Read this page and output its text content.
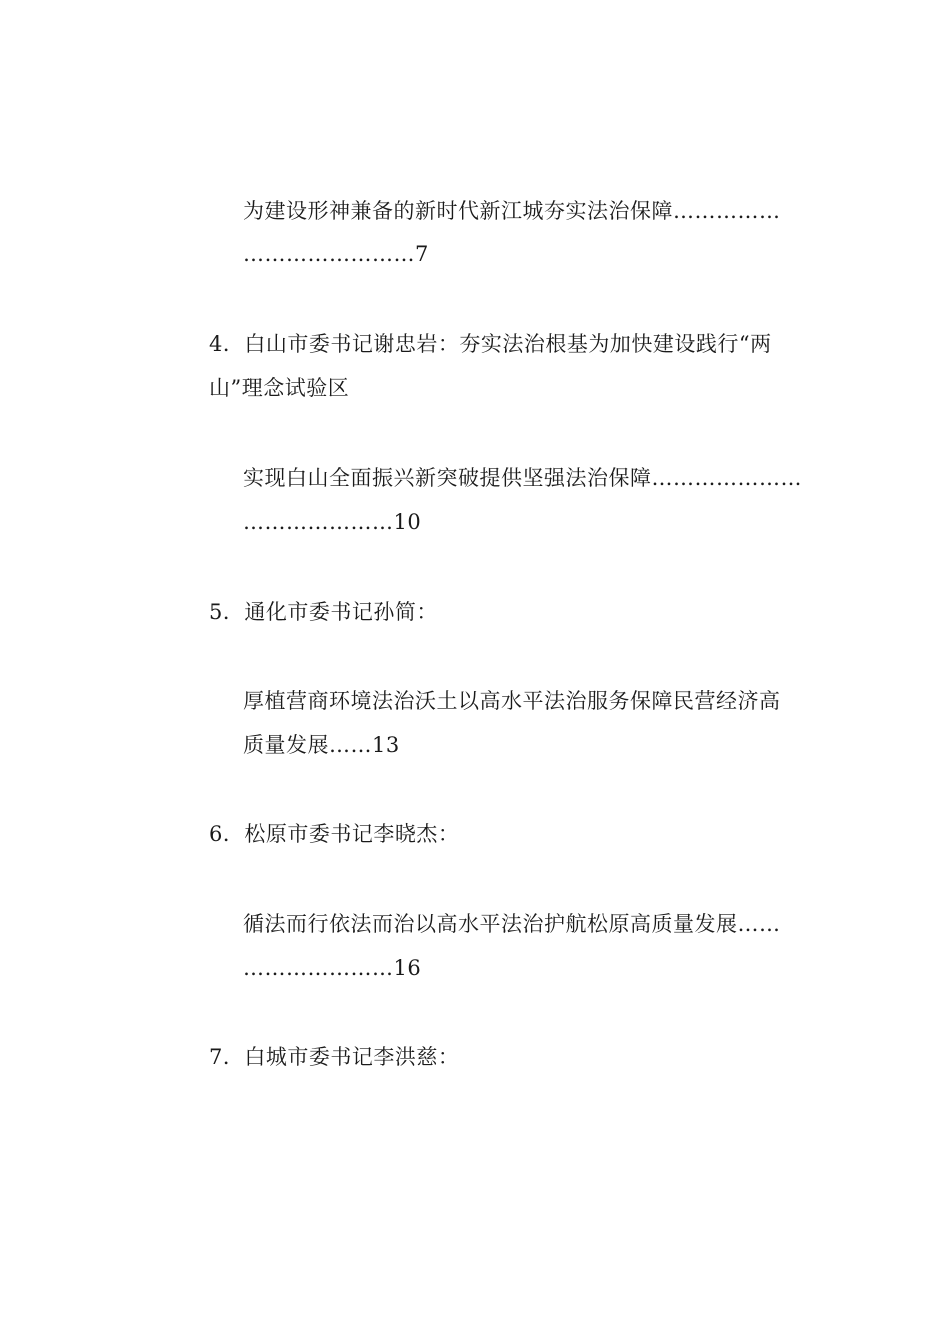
为建设形神兼备的新时代新江城夯实法治保障……………
……………………7
4．白山市委书记谢忠岩：夯实法治根基为加快建设践行“两
山”理念试验区
实现白山全面振兴新突破提供坚强法治保障…………………
…………………10
5．通化市委书记孙简：
厚植营商环境法治沃土以高水平法治服务保障民营经济高
质量发展……13
6．松原市委书记李晓杰：
循法而行依法而治以高水平法治护航松原高质量发展……
…………………16
7．白城市委书记李洪慈：
